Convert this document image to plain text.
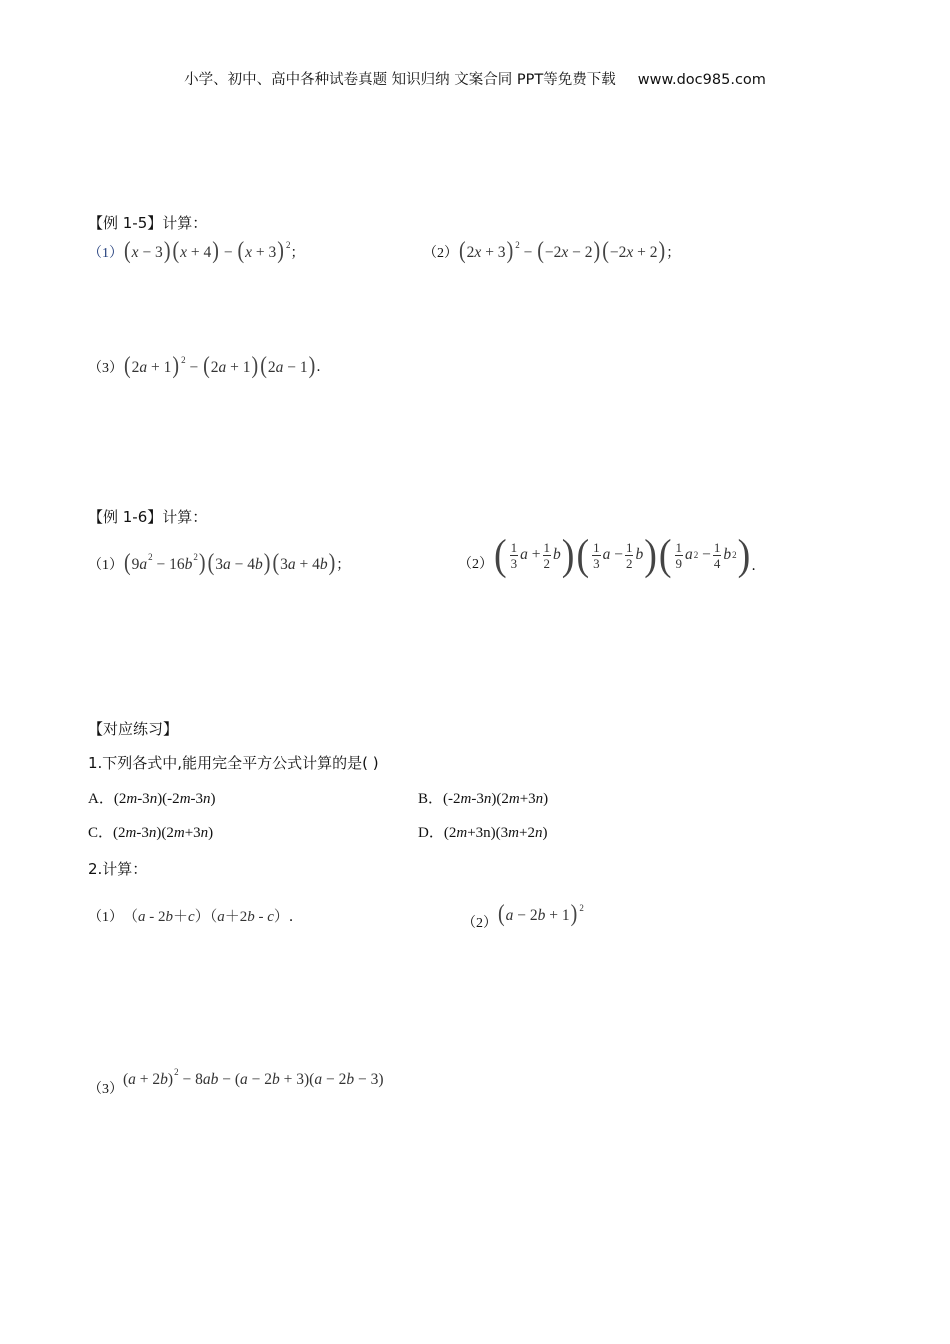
小学、初中、高中各种试卷真题 知识归纳 文案合同 PPT等免费下载 www.doc985.com
【例 1-5】计算：
（1） (x − 3) (x + 4) − (x + 3) $^2$ ；	（2） (2x + 3) $^2$ − (−2x − 2) (−2x + 2) ；
（3） (2a + 1) $^2$ − (2a + 1) (2a − 1) .
【例 1-6】计算：
（1） $(9a^2 - 16b^2) (3a - 4b) (3a + 4b)$ ；	（2） ( $\frac{1}{3}$ $a + \frac{1}{2}$ b ) ( $\frac{1}{3}$ $a - \frac{1}{2}$ b ) ( $\frac{1}{9}$ a $2 - \frac{1}{4}$ b 2 ) .
【对应练习】
1.下列各式中,能用完全平方公式计算的是( )
A．(2m-3n)(-2m-3n)	B．(-2m-3n)(2m+3n)
C．(2m-3n)(2m+3n)	D．(2m+3n)(3m+2n)
2.计算：
（1） （a ‐ 2b＋c）（a＋2b ‐ c） ．	（2） (a − 2b + 1) $^2$
（3）
$(a + 2b)^2 - 8ab - (a - 2b + 3)(a - 2b - 3)$
